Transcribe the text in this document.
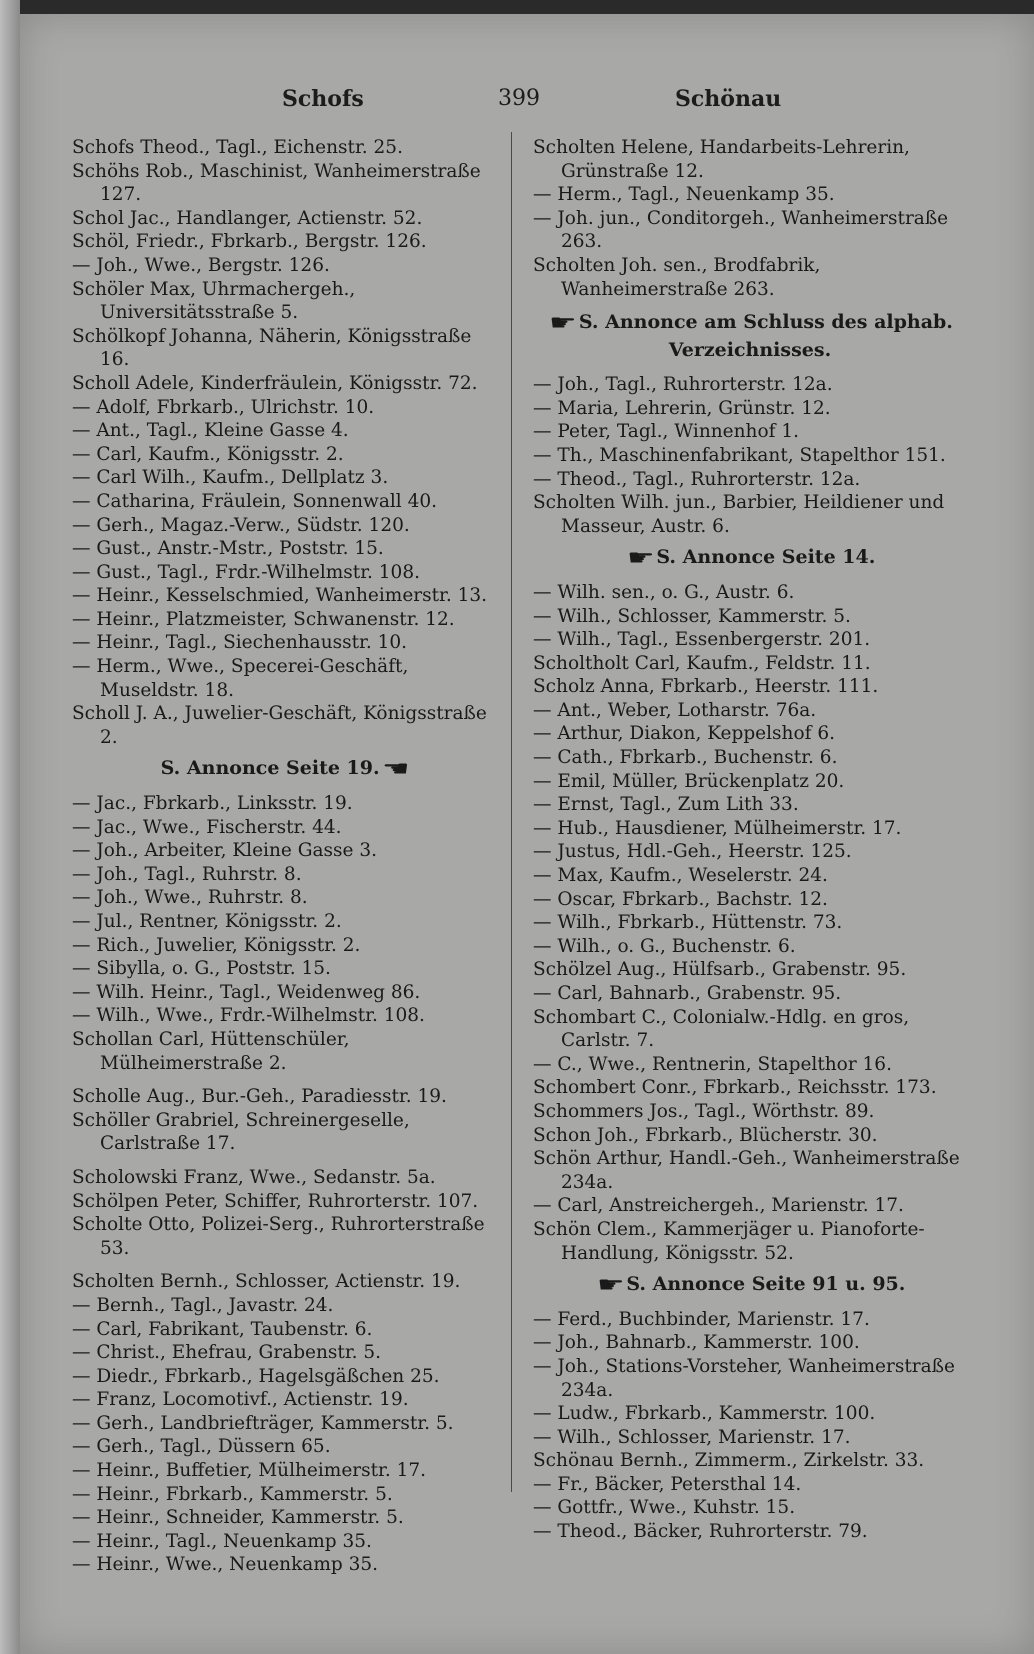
Schofs	399	Schönau

Schofs Theod., Tagl., Eichenstr. 25.

Schöhs Rob., Maschinist, Wanheimerstraße 127.

Schol Jac., Handlanger, Actienstr. 52.

Schöl, Friedr., Fbrkarb., Bergstr. 126.

— Joh., Wwe., Bergstr. 126.

Schöler Max, Uhrmachergeh., Universitätsstraße 5.

Schölkopf Johanna, Näherin, Königsstraße 16.

Scholl Adele, Kinderfräulein, Königsstr. 72.

— Adolf, Fbrkarb., Ulrichstr. 10.

— Ant., Tagl., Kleine Gasse 4.

— Carl, Kaufm., Königsstr. 2.

— Carl Wilh., Kaufm., Dellplatz 3.

— Catharina, Fräulein, Sonnenwall 40.

— Gerh., Magaz.-Verw., Südstr. 120.

— Gust., Anstr.-Mstr., Poststr. 15.

— Gust., Tagl., Frdr.-Wilhelmstr. 108.

— Heinr., Kesselschmied, Wanheimerstr. 13.

— Heinr., Platzmeister, Schwanenstr. 12.

— Heinr., Tagl., Siechenhausstr. 10.

— Herm., Wwe., Specerei-Geschäft, Museldstr. 18.

Scholl J. A., Juwelier-Geschäft, Königsstraße 2.

S. Annonce Seite 19.☚

— Jac., Fbrkarb., Linksstr. 19.

— Jac., Wwe., Fischerstr. 44.

— Joh., Arbeiter, Kleine Gasse 3.

— Joh., Tagl., Ruhrstr. 8.

— Joh., Wwe., Ruhrstr. 8.

— Jul., Rentner, Königsstr. 2.

— Rich., Juwelier, Königsstr. 2.

— Sibylla, o. G., Poststr. 15.

— Wilh. Heinr., Tagl., Weidenweg 86.

— Wilh., Wwe., Frdr.-Wilhelmstr. 108.

Schollan Carl, Hüttenschüler, Mülheimerstraße 2.

Scholle Aug., Bur.-Geh., Paradiesstr. 19.

Schöller Grabriel, Schreinergeselle, Carlstraße 17.

Scholowski Franz, Wwe., Sedanstr. 5a.

Schölpen Peter, Schiffer, Ruhrorterstr. 107.

Scholte Otto, Polizei-Serg., Ruhrorterstraße 53.

Scholten Bernh., Schlosser, Actienstr. 19.

— Bernh., Tagl., Javastr. 24.

— Carl, Fabrikant, Taubenstr. 6.

— Christ., Ehefrau, Grabenstr. 5.

— Diedr., Fbrkarb., Hagelsgäßchen 25.

— Franz, Locomotivf., Actienstr. 19.

— Gerh., Landbriefträger, Kammerstr. 5.

— Gerh., Tagl., Düssern 65.

— Heinr., Buffetier, Mülheimerstr. 17.

— Heinr., Fbrkarb., Kammerstr. 5.

— Heinr., Schneider, Kammerstr. 5.

— Heinr., Tagl., Neuenkamp 35.

— Heinr., Wwe., Neuenkamp 35.

Scholten Helene, Handarbeits-Lehrerin, Grünstraße 12.

— Herm., Tagl., Neuenkamp 35.

— Joh. jun., Conditorgeh., Wanheimerstraße 263.

Scholten Joh. sen., Brodfabrik, Wanheimerstraße 263.

☛ S. Annonce am Schluss des alphab. Verzeichnisses.

— Joh., Tagl., Ruhrorterstr. 12a.

— Maria, Lehrerin, Grünstr. 12.

— Peter, Tagl., Winnenhof 1.

— Th., Maschinenfabrikant, Stapelthor 151.

— Theod., Tagl., Ruhrorterstr. 12a.

Scholten Wilh. jun., Barbier, Heildiener und Masseur, Austr. 6.

☛ S. Annonce Seite 14.

— Wilh. sen., o. G., Austr. 6.

— Wilh., Schlosser, Kammerstr. 5.

— Wilh., Tagl., Essenbergerstr. 201.

Scholtholt Carl, Kaufm., Feldstr. 11.

Scholz Anna, Fbrkarb., Heerstr. 111.

— Ant., Weber, Lotharstr. 76a.

— Arthur, Diakon, Keppelshof 6.

— Cath., Fbrkarb., Buchenstr. 6.

— Emil, Müller, Brückenplatz 20.

— Ernst, Tagl., Zum Lith 33.

— Hub., Hausdiener, Mülheimerstr. 17.

— Justus, Hdl.-Geh., Heerstr. 125.

— Max, Kaufm., Weselerstr. 24.

— Oscar, Fbrkarb., Bachstr. 12.

— Wilh., Fbrkarb., Hüttenstr. 73.

— Wilh., o. G., Buchenstr. 6.

Schölzel Aug., Hülfsarb., Grabenstr. 95.

— Carl, Bahnarb., Grabenstr. 95.

Schombart C., Colonialw.-Hdlg. en gros, Carlstr. 7.

— C., Wwe., Rentnerin, Stapelthor 16.

Schombert Conr., Fbrkarb., Reichsstr. 173.

Schommers Jos., Tagl., Wörthstr. 89.

Schon Joh., Fbrkarb., Blücherstr. 30.

Schön Arthur, Handl.-Geh., Wanheimerstraße 234a.

— Carl, Anstreichergeh., Marienstr. 17.

Schön Clem., Kammerjäger u. Pianoforte-Handlung, Königsstr. 52.

☛ S. Annonce Seite 91 u. 95.

— Ferd., Buchbinder, Marienstr. 17.

— Joh., Bahnarb., Kammerstr. 100.

— Joh., Stations-Vorsteher, Wanheimerstraße 234a.

— Ludw., Fbrkarb., Kammerstr. 100.

— Wilh., Schlosser, Marienstr. 17.

Schönau Bernh., Zimmerm., Zirkelstr. 33.

— Fr., Bäcker, Petersthal 14.

— Gottfr., Wwe., Kuhstr. 15.

— Theod., Bäcker, Ruhrorterstr. 79.
